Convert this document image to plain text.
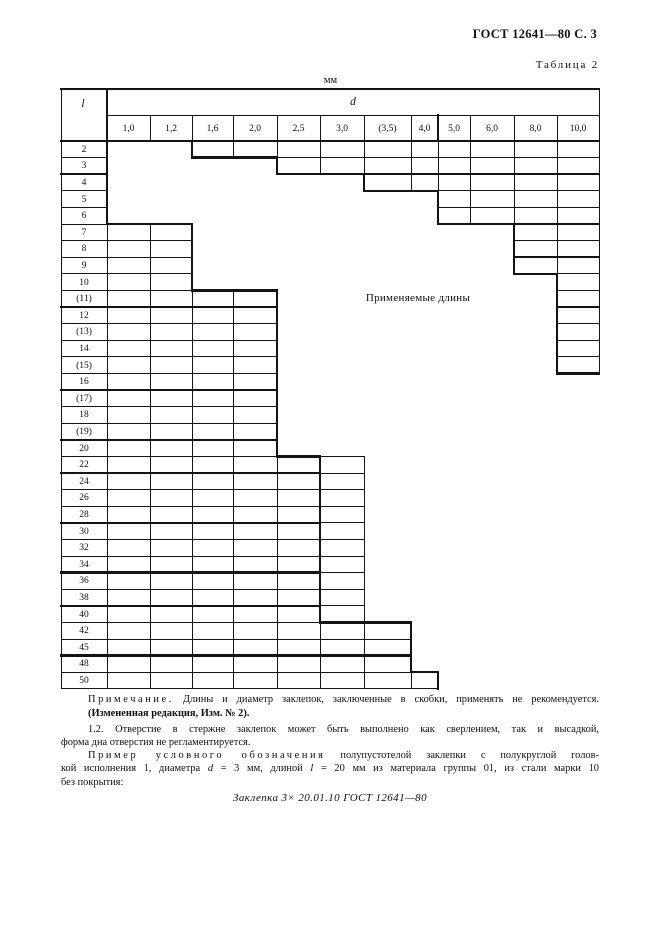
ГОСТ 12641—80 С. 3
Таблица 2
мм
l	d
1,0	1,2	1,6	2,0	2,5	3,0	(3,5) 4,0 5,0	6,0	8,0	10,0
2
3
4
5
6
7
8
9
10
(11)
12
(13)
14
(15)
16
(17)
18
(19)
20
22
24
26
28
30
32
34
36
38
40
42
45
48
50
Применяемые длины
Примечание. Длины и диаметр заклепок, заключенные в скобки, применять не рекомендуется.
(Измененная редакция, Изм. № 2).
1.2. Отверстие в стержне заклепок может быть выполнено как сверлением, так и высадкой,
форма дна отверстия не регламентируется.
Пример условного обозначения полупустотелой заклепки с полукруглой голов-
кой исполнения 1, диаметра d = 3 мм, длиной l = 20 мм из материала группы 01, из стали марки 10
без покрытия:
Заклепка 3× 20.01.10 ГОСТ 12641—80
